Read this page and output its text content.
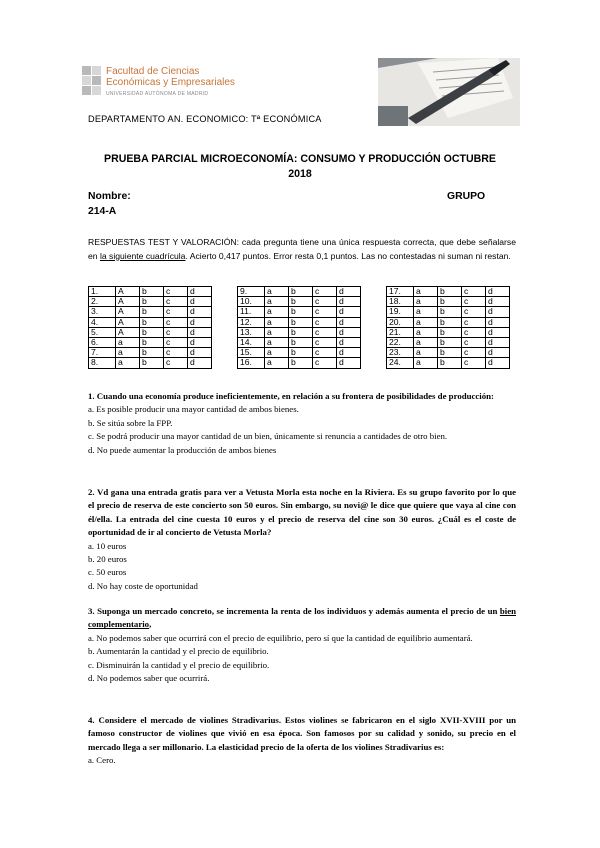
Facultad de Ciencias
Económicas y Empresariales
UNIVERSIDAD AUTÓNOMA DE MADRID
DEPARTAMENTO AN. ECONOMICO: Tª ECONÓMICA
PRUEBA PARCIAL MICROECONOMÍA: CONSUMO Y PRODUCCIÓN OCTUBRE
2018
Nombre:	GRUPO
214-A
RESPUESTAS TEST Y VALORACIÓN: cada pregunta tiene una única respuesta correcta, que debe señalarse en la siguiente cuadrícula. Acierto 0,417 puntos. Error resta 0,1 puntos. Las no contestadas ni suman ni restan.
1.	A	b	c	d
2.	A	b	c	d
3.	A	b	c	d
4.	A	b	c	d
5.	A	b	c	d
6.	a	b	c	d
7.	a	b	c	d
8.	a	b	c	d
9.	a	b	c	d
10.	a	b	c	d
11.	a	b	c	d
12.	a	b	c	d
13.	a	b	c	d
14.	a	b	c	d
15.	a	b	c	d
16.	a	b	c	d
17.	a	b	c	d
18.	a	b	c	d
19.	a	b	c	d
20.	a	b	c	d
21.	a	b	c	d
22.	a	b	c	d
23.	a	b	c	d
24.	a	b	c	d
1. Cuando una economía produce ineficientemente, en relación a su frontera de posibilidades de producción:
a. Es posible producir una mayor cantidad de ambos bienes.
b. Se sitúa sobre la FPP.
c. Se podrá producir una mayor cantidad de un bien, únicamente si renuncia a cantidades de otro bien.
d. No puede aumentar la producción de ambos bienes
2. Vd gana una entrada gratis para ver a Vetusta Morla esta noche en la Riviera. Es su grupo favorito por lo que el precio de reserva de este concierto son 50 euros. Sin embargo, su novi@ le dice que quiere que vaya al cine con él/ella. La entrada del cine cuesta 10 euros y el precio de reserva del cine son 30 euros. ¿Cuál es el coste de oportunidad de ir al concierto de Vetusta Morla?
a. 10 euros
b. 20 euros
c. 50 euros
d. No hay coste de oportunidad
3. Suponga un mercado concreto, se incrementa la renta de los individuos y además aumenta el precio de un bien complementario,
a. No podemos saber que ocurrirá con el precio de equilibrio, pero sí que la cantidad de equilibrio aumentará.
b. Aumentarán la cantidad y el precio de equilibrio.
c. Disminuirán la cantidad y el precio de equilibrio.
d. No podemos saber que ocurrirá.
4. Considere el mercado de violines Stradivarius. Estos violines se fabricaron en el siglo XVII-XVIII por un famoso constructor de violines que vivió en esa época. Son famosos por su calidad y sonido, su precio en el mercado llega a ser millonario. La elasticidad precio de la oferta de los violines Stradivarius es:
a. Cero.
